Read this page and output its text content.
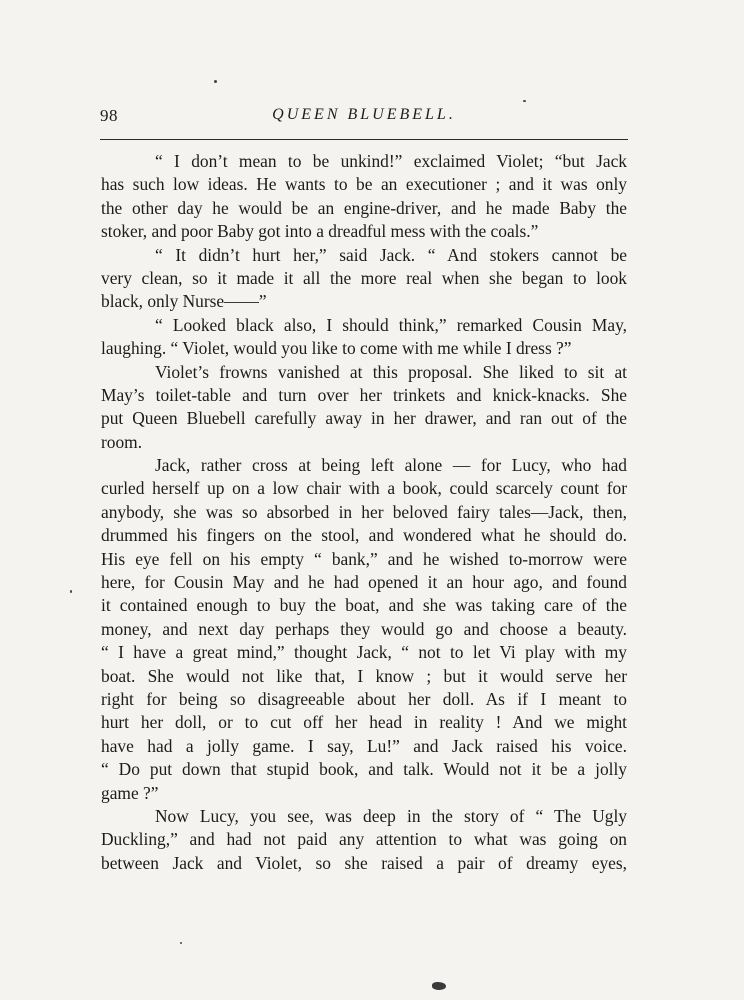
98	QUEEN BLUEBELL.
“ I don’t mean to be unkind!” exclaimed Violet; “but Jack
has such low ideas. He wants to be an executioner ; and it was only
the other day he would be an engine-driver, and he made Baby the
stoker, and poor Baby got into a dreadful mess with the coals.”
“ It didn’t hurt her,” said Jack. “ And stokers cannot be
very clean, so it made it all the more real when she began to look
black, only Nurse——”
“ Looked black also, I should think,” remarked Cousin May,
laughing. “ Violet, would you like to come with me while I dress ?”
Violet’s frowns vanished at this proposal. She liked to sit at
May’s toilet-table and turn over her trinkets and knick-knacks. She
put Queen Bluebell carefully away in her drawer, and ran out of the
room.
Jack, rather cross at being left alone — for Lucy, who had
curled herself up on a low chair with a book, could scarcely count for
anybody, she was so absorbed in her beloved fairy tales—Jack, then,
drummed his fingers on the stool, and wondered what he should do.
His eye fell on his empty “ bank,” and he wished to-morrow were
here, for Cousin May and he had opened it an hour ago, and found
it contained enough to buy the boat, and she was taking care of the
money, and next day perhaps they would go and choose a beauty.
“ I have a great mind,” thought Jack, “ not to let Vi play with my
boat. She would not like that, I know ; but it would serve her
right for being so disagreeable about her doll. As if I meant to
hurt her doll, or to cut off her head in reality ! And we might
have had a jolly game. I say, Lu!” and Jack raised his voice.
“ Do put down that stupid book, and talk. Would not it be a jolly
game ?”
Now Lucy, you see, was deep in the story of “ The Ugly
Duckling,” and had not paid any attention to what was going on
between Jack and Violet, so she raised a pair of dreamy eyes,
